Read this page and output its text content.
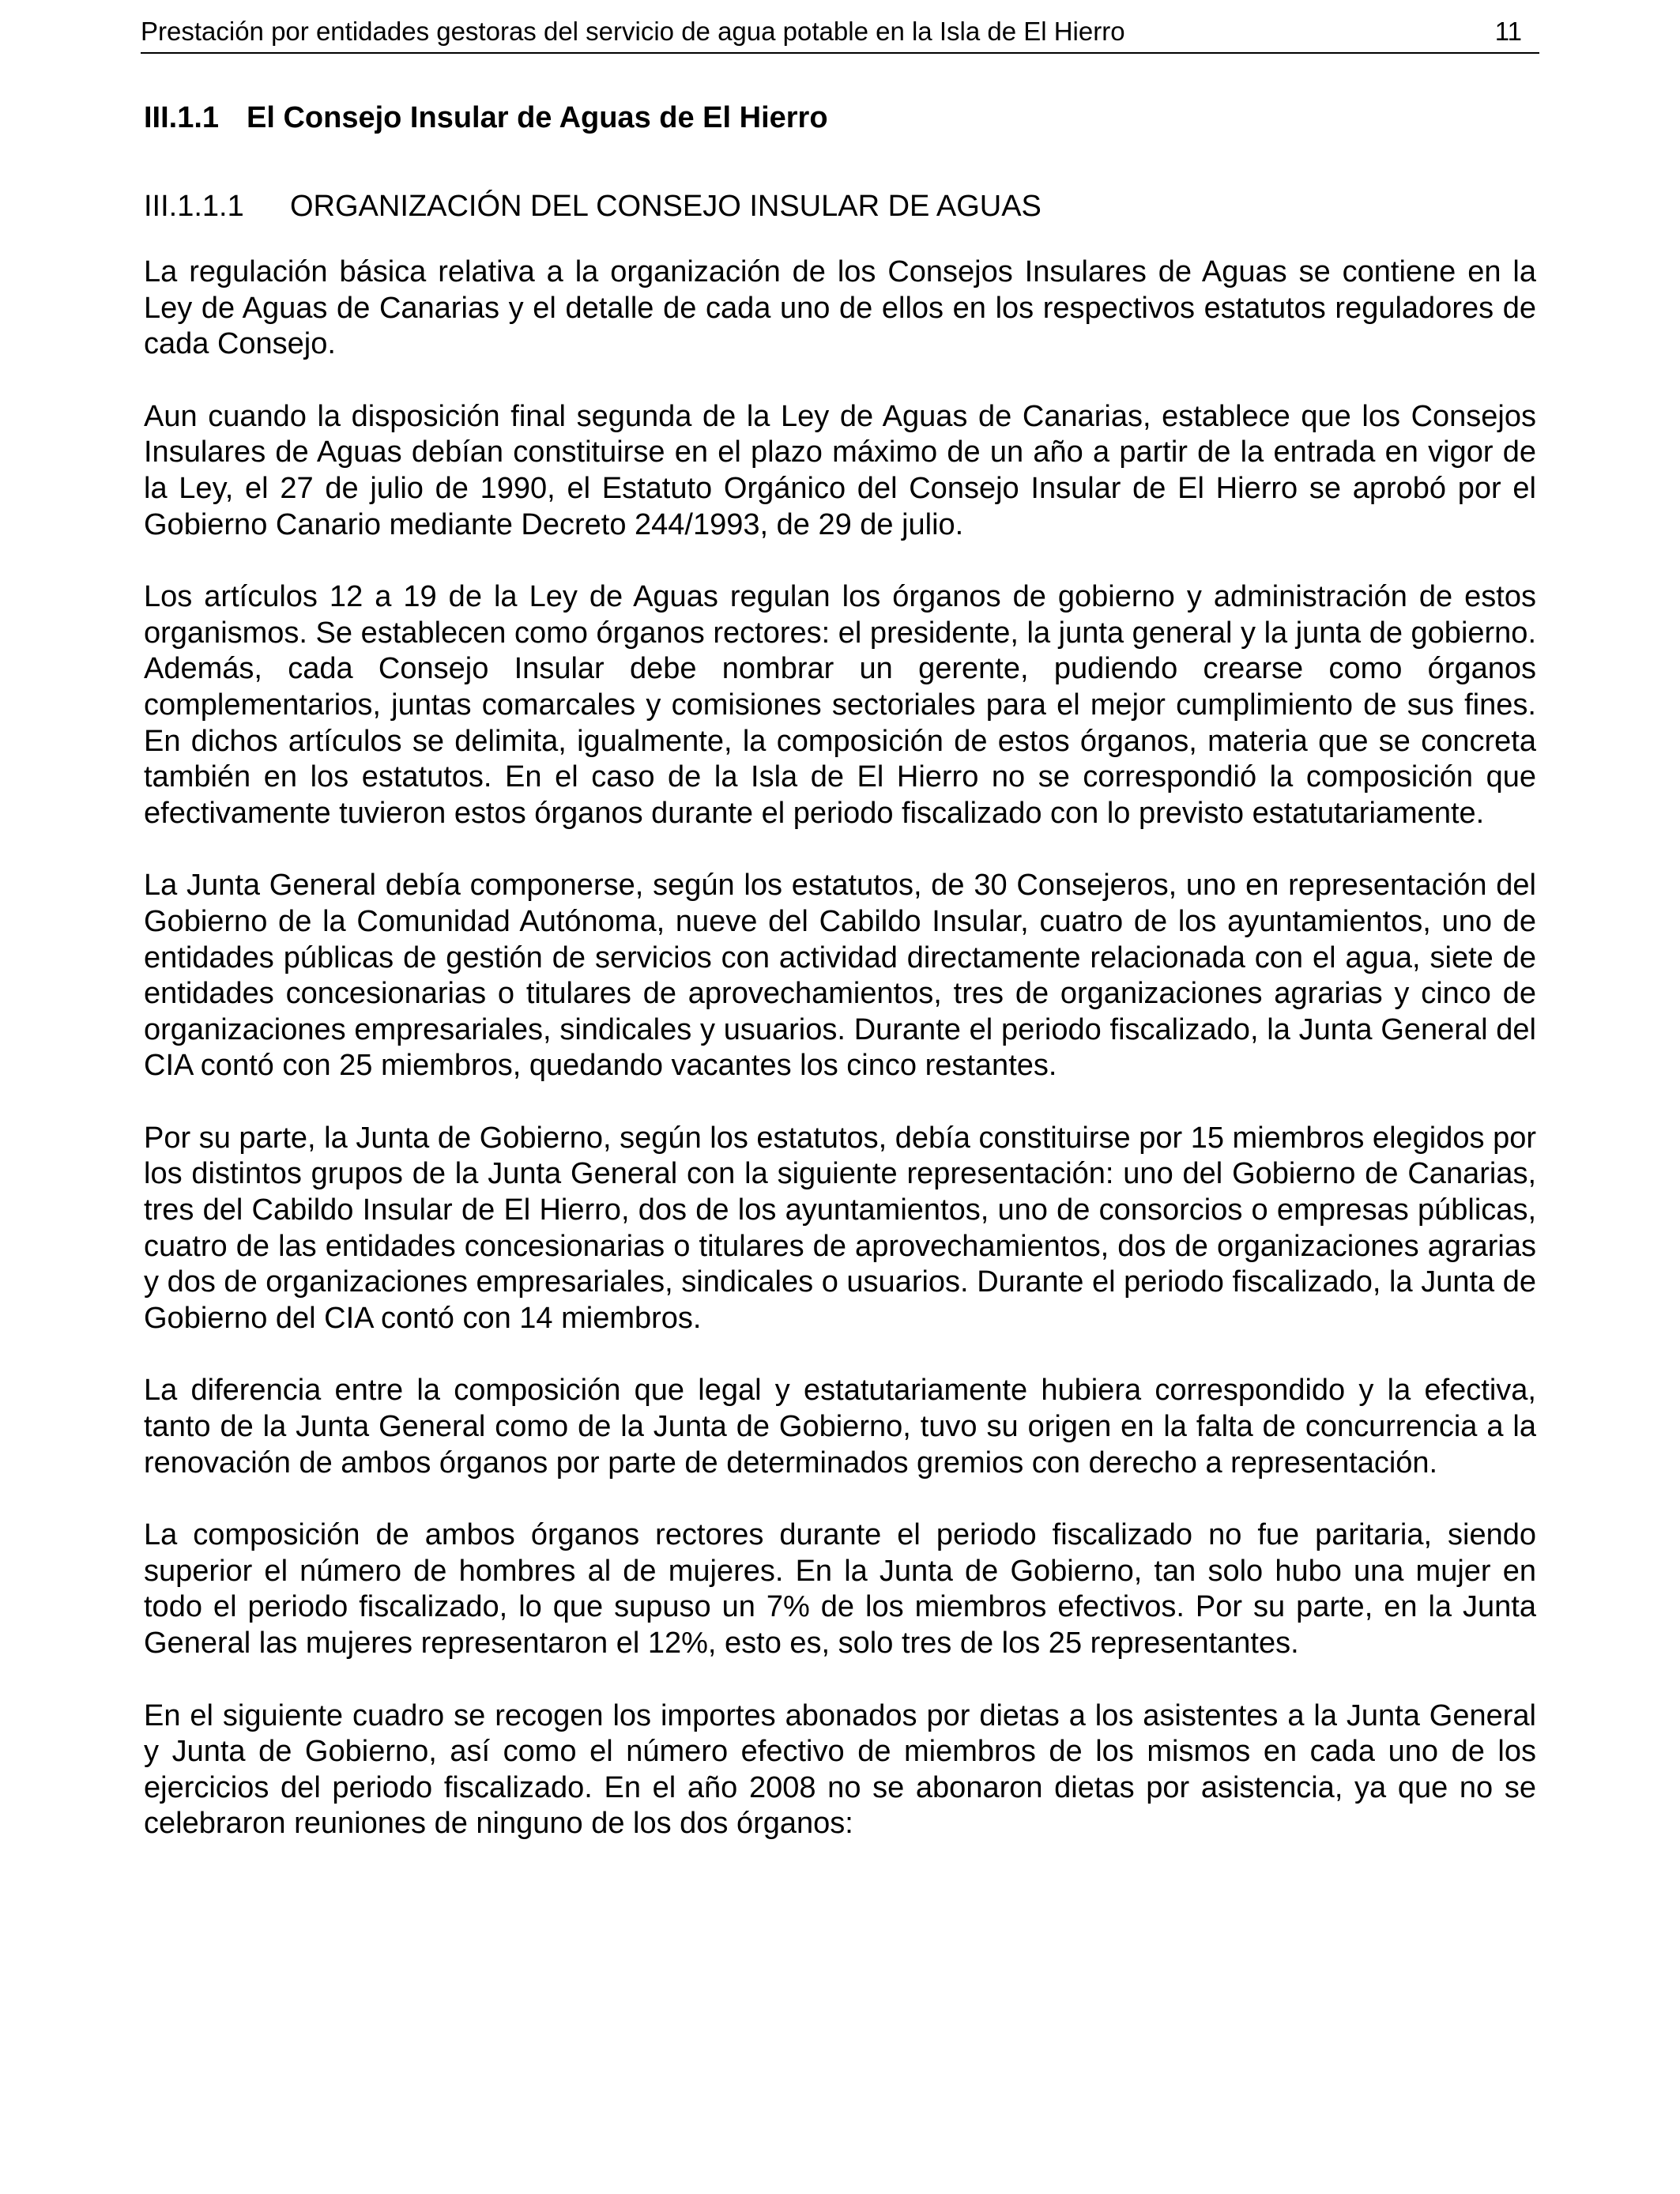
Prestación por entidades gestoras del servicio de agua potable en la Isla de El Hierro	11
III.1.1 El Consejo Insular de Aguas de El Hierro
III.1.1.1 ORGANIZACIÓN DEL CONSEJO INSULAR DE AGUAS

La regulación básica relativa a la organización de los Consejos Insulares de Aguas se contiene en la Ley de Aguas de Canarias y el detalle de cada uno de ellos en los respectivos estatutos reguladores de cada Consejo.

Aun cuando la disposición final segunda de la Ley de Aguas de Canarias, establece que los Consejos Insulares de Aguas debían constituirse en el plazo máximo de un año a partir de la entrada en vigor de la Ley, el 27 de julio de 1990, el Estatuto Orgánico del Consejo Insular de El Hierro se aprobó por el Gobierno Canario mediante Decreto 244/1993, de 29 de julio.

Los artículos 12 a 19 de la Ley de Aguas regulan los órganos de gobierno y administración de estos organismos. Se establecen como órganos rectores: el presidente, la junta general y la junta de gobierno. Además, cada Consejo Insular debe nombrar un gerente, pudiendo crearse como órganos complementarios, juntas comarcales y comisiones sectoriales para el mejor cumplimiento de sus fines. En dichos artículos se delimita, igualmente, la composición de estos órganos, materia que se concreta también en los estatutos. En el caso de la Isla de El Hierro no se correspondió la composición que efectivamente tuvieron estos órganos durante el periodo fiscalizado con lo previsto estatutariamente.

La Junta General debía componerse, según los estatutos, de 30 Consejeros, uno en representación del Gobierno de la Comunidad Autónoma, nueve del Cabildo Insular, cuatro de los ayuntamientos, uno de entidades públicas de gestión de servicios con actividad directamente relacionada con el agua, siete de entidades concesionarias o titulares de aprovechamientos, tres de organizaciones agrarias y cinco de organizaciones empresariales, sindicales y usuarios. Durante el periodo fiscalizado, la Junta General del CIA contó con 25 miembros, quedando vacantes los cinco restantes.

Por su parte, la Junta de Gobierno, según los estatutos, debía constituirse por 15 miembros elegidos por los distintos grupos de la Junta General con la siguiente representación: uno del Gobierno de Canarias, tres del Cabildo Insular de El Hierro, dos de los ayuntamientos, uno de consorcios o empresas públicas, cuatro de las entidades concesionarias o titulares de aprovechamientos, dos de organizaciones agrarias y dos de organizaciones empresariales, sindicales o usuarios. Durante el periodo fiscalizado, la Junta de Gobierno del CIA contó con 14 miembros.

La diferencia entre la composición que legal y estatutariamente hubiera correspondido y la efectiva, tanto de la Junta General como de la Junta de Gobierno, tuvo su origen en la falta de concurrencia a la renovación de ambos órganos por parte de determinados gremios con derecho a representación.

La composición de ambos órganos rectores durante el periodo fiscalizado no fue paritaria, siendo superior el número de hombres al de mujeres. En la Junta de Gobierno, tan solo hubo una mujer en todo el periodo fiscalizado, lo que supuso un 7% de los miembros efectivos. Por su parte, en la Junta General las mujeres representaron el 12%, esto es, solo tres de los 25 representantes.

En el siguiente cuadro se recogen los importes abonados por dietas a los asistentes a la Junta General y Junta de Gobierno, así como el número efectivo de miembros de los mismos en cada uno de los ejercicios del periodo fiscalizado. En el año 2008 no se abonaron dietas por asistencia, ya que no se celebraron reuniones de ninguno de los dos órganos:
